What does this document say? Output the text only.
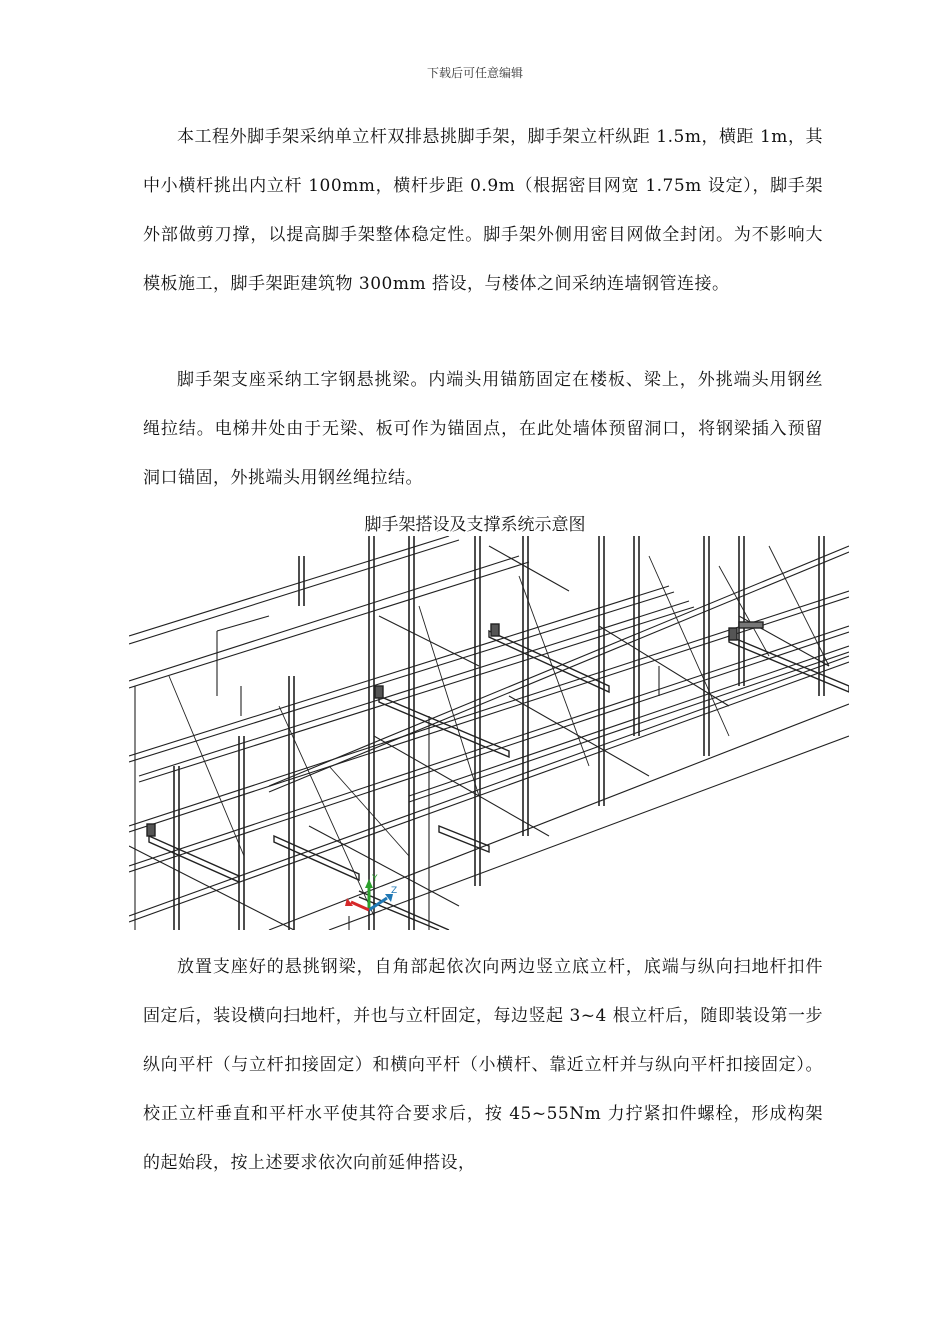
下载后可任意编辑

本工程外脚手架采纳单立杆双排悬挑脚手架，脚手架立杆纵距 1.5m，横距 1m，其中小横杆挑出内立杆 100mm，横杆步距 0.9m（根据密目网宽 1.75m 设定），脚手架外部做剪刀撑，以提高脚手架整体稳定性。脚手架外侧用密目网做全封闭。为不影响大模板施工，脚手架距建筑物 300mm 搭设，与楼体之间采纳连墙钢管连接。

脚手架支座采纳工字钢悬挑梁。内端头用锚筋固定在楼板、梁上，外挑端头用钢丝绳拉结。电梯井处由于无梁、板可作为锚固点，在此处墙体预留洞口，将钢梁插入预留洞口锚固，外挑端头用钢丝绳拉结。

脚手架搭设及支撑系统示意图
Y
Z

放置支座好的悬挑钢梁，自角部起依次向两边竖立底立杆，底端与纵向扫地杆扣件固定后，装设横向扫地杆，并也与立杆固定，每边竖起 3~4 根立杆后，随即装设第一步纵向平杆（与立杆扣接固定）和横向平杆（小横杆、靠近立杆并与纵向平杆扣接固定）。校正立杆垂直和平杆水平使其符合要求后，按 45~55Nm 力拧紧扣件螺栓，形成构架的起始段，按上述要求依次向前延伸搭设，
